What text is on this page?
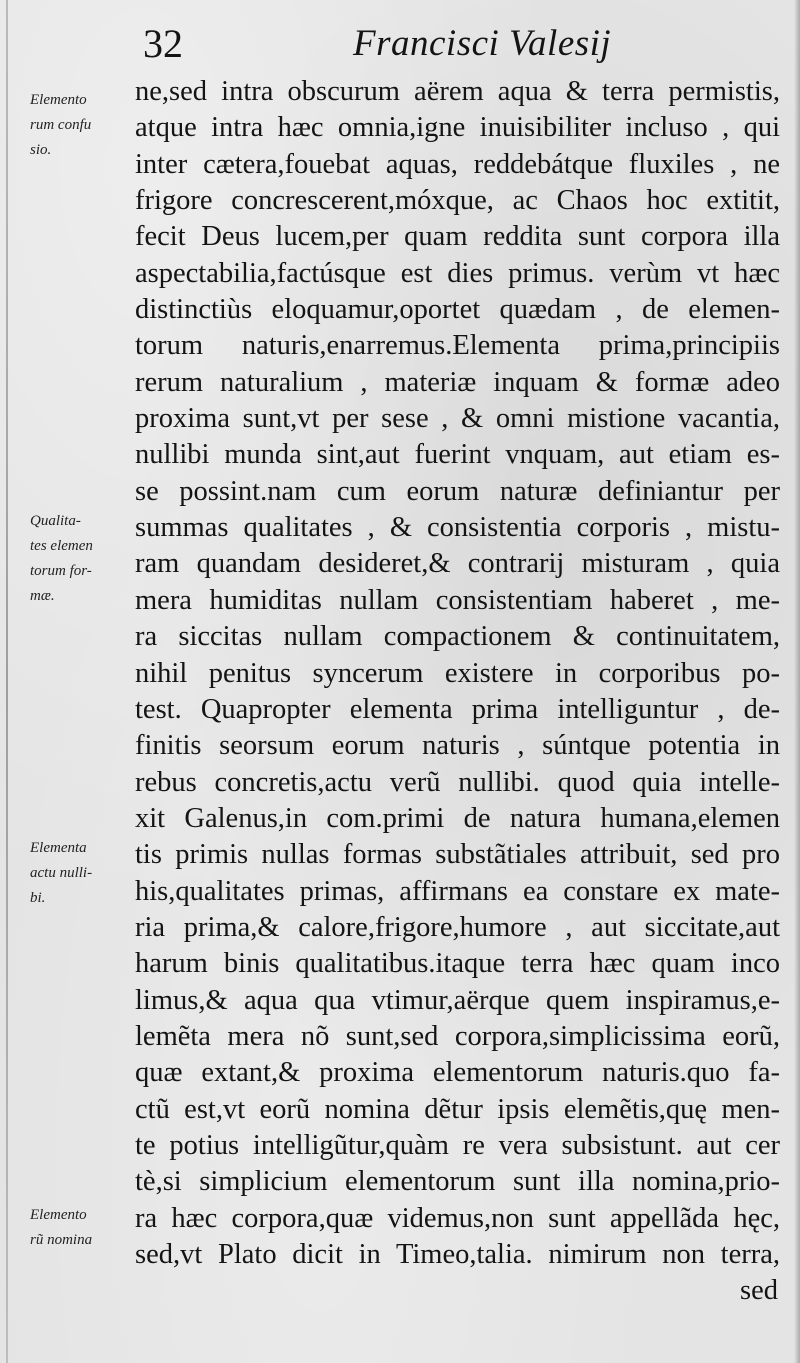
32	Francisci Valesij
ne,sed intra obscurum aërem aqua & terra permistis,
atque intra hæc omnia,igne inuisibiliter incluso , qui
inter cætera,fouebat aquas, reddebátque fluxiles , ne
frigore concrescerent,móxque, ac Chaos hoc extitit,
fecit Deus lucem,per quam reddita sunt corpora illa
aspectabilia,factúsque est dies primus. verùm vt hæc
distinctiùs eloquamur,oportet quædam , de elemen-
torum naturis,enarremus.Elementa prima,principiis
rerum naturalium , materiæ inquam & formæ adeo
proxima sunt,vt per sese , & omni mistione vacantia,
nullibi munda sint,aut fuerint vnquam, aut etiam es-
se possint.nam cum eorum naturæ definiantur per
summas qualitates , & consistentia corporis , mistu-
ram quandam desideret,& contrarij misturam , quia
mera humiditas nullam consistentiam haberet , me-
ra siccitas nullam compactionem & continuitatem,
nihil penitus syncerum existere in corporibus po-
test. Quapropter elementa prima intelliguntur , de-
finitis seorsum eorum naturis , súntque potentia in
rebus concretis,actu verũ nullibi. quod quia intelle-
xit Galenus,in com.primi de natura humana,elemen
tis primis nullas formas substãtiales attribuit, sed pro
his,qualitates primas, affirmans ea constare ex mate-
ria prima,& calore,frigore,humore , aut siccitate,aut
harum binis qualitatibus.itaque terra hæc quam inco
limus,& aqua qua vtimur,aërque quem inspiramus,e-
lemẽta mera nõ sunt,sed corpora,simplicissima eorũ,
quæ extant,& proxima elementorum naturis.quo fa-
ctũ est,vt eorũ nomina dẽtur ipsis elemẽtis,quę men-
te potius intelligũtur,quàm re vera subsistunt. aut cer
tè,si simplicium elementorum sunt illa nomina,prio-
ra hæc corpora,quæ videmus,non sunt appellãda hęc,
sed,vt Plato dicit in Timeo,talia. nimirum non terra,
sed
Elemento
rum confu
sio.
Qualita-
tes elemen
torum for-
mæ.
Elementa
actu nulli-
bi.
Elemento
rũ nomina
